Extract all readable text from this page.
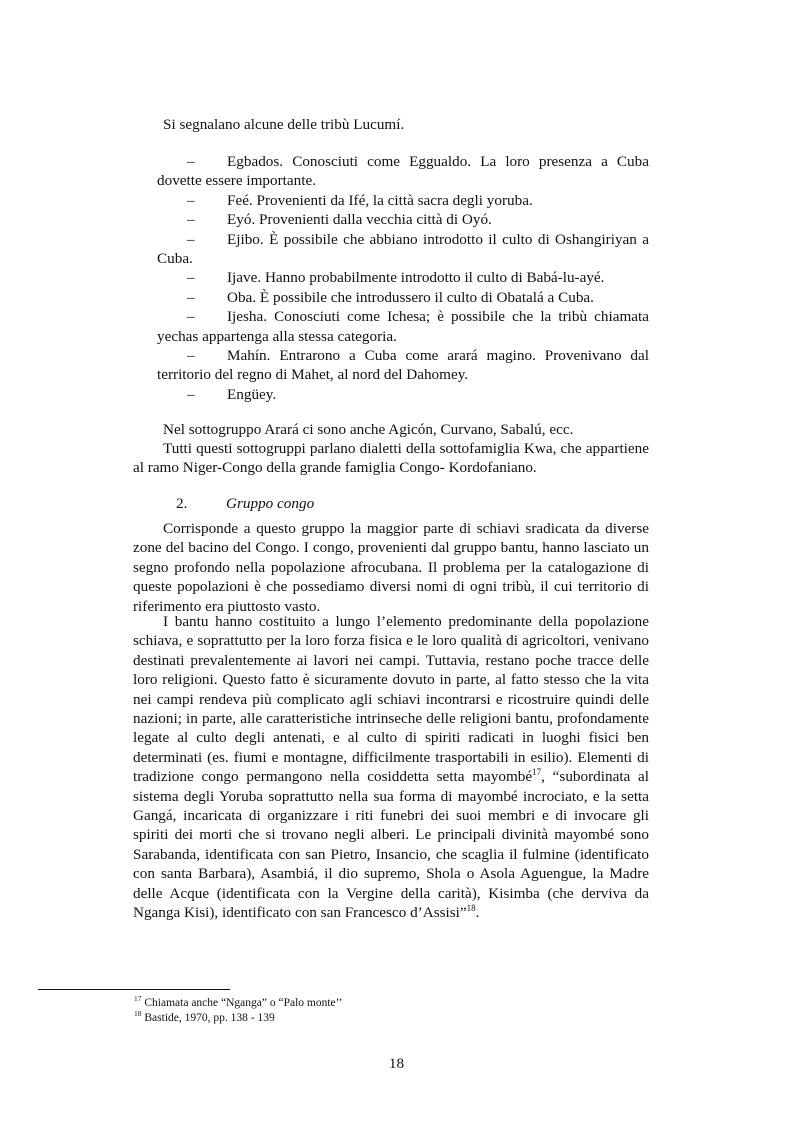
Si segnalano alcune delle tribù Lucumí.

– Egbados. Conosciuti come Eggualdo. La loro presenza a Cuba dovette essere importante.
– Feé. Provenienti da Ifé, la città sacra degli yoruba.
– Eyó. Provenienti dalla vecchia città di Oyó.
– Ejibo. È possibile che abbiano introdotto il culto di Oshangiriyan a Cuba.
– Ijave. Hanno probabilmente introdotto il culto di Babá-lu-ayé.
– Oba. È possibile che introdussero il culto di Obatalá a Cuba.
– Ijesha. Conosciuti come Ichesa; è possibile che la tribù chiamata yechas appartenga alla stessa categoria.
– Mahín. Entrarono a Cuba come arará magino. Provenivano dal territorio del regno di Mahet, al nord del Dahomey.
– Engüey.

Nel sottogruppo Arará ci sono anche Agicón, Curvano, Sabalú, ecc.

Tutti questi sottogruppi parlano dialetti della sottofamiglia Kwa, che appartiene al ramo Niger-Congo della grande famiglia Congo- Kordofaniano.

2.	Gruppo congo

Corrisponde a questo gruppo la maggior parte di schiavi sradicata da diverse zone del bacino del Congo. I congo, provenienti dal gruppo bantu, hanno lasciato un segno profondo nella popolazione afrocubana. Il problema per la catalogazione di queste popolazioni è che possediamo diversi nomi di ogni tribù, il cui territorio di riferimento era piuttosto vasto.

I bantu hanno costituito a lungo l’elemento predominante della popolazione schiava, e soprattutto per la loro forza fisica e le loro qualità di agricoltori, venivano destinati prevalentemente ai lavori nei campi. Tuttavia, restano poche tracce delle loro religioni. Questo fatto è sicuramente dovuto in parte, al fatto stesso che la vita nei campi rendeva più complicato agli schiavi incontrarsi e ricostruire quindi delle nazioni; in parte, alle caratteristiche intrinseche delle religioni bantu, profondamente legate al culto degli antenati, e al culto di spiriti radicati in luoghi fisici ben determinati (es. fiumi e montagne, difficilmente trasportabili in esilio). Elementi di tradizione congo permangono nella cosiddetta setta mayombé$^{17}$, “subordinata al sistema degli Yoruba soprattutto nella sua forma di mayombé incrociato, e la setta Gangá, incaricata di organizzare i riti funebri dei suoi membri e di invocare gli spiriti dei morti che si trovano negli alberi. Le principali divinità mayombé sono Sarabanda, identificata con san Pietro, Insancio, che scaglia il fulmine (identificato con santa Barbara), Asambiá, il dio supremo, Shola o Asola Aguengue, la Madre delle Acque (identificata con la Vergine della carità), Kisimba (che derviva da Nganga Kisi), identificato con san Francesco d’Assisi”$^{18}$.

$^{17}$ Chiamata anche “Nganga” o “Palo monte’’

$^{18}$ Bastide, 1970, pp. 138 - 139

18
